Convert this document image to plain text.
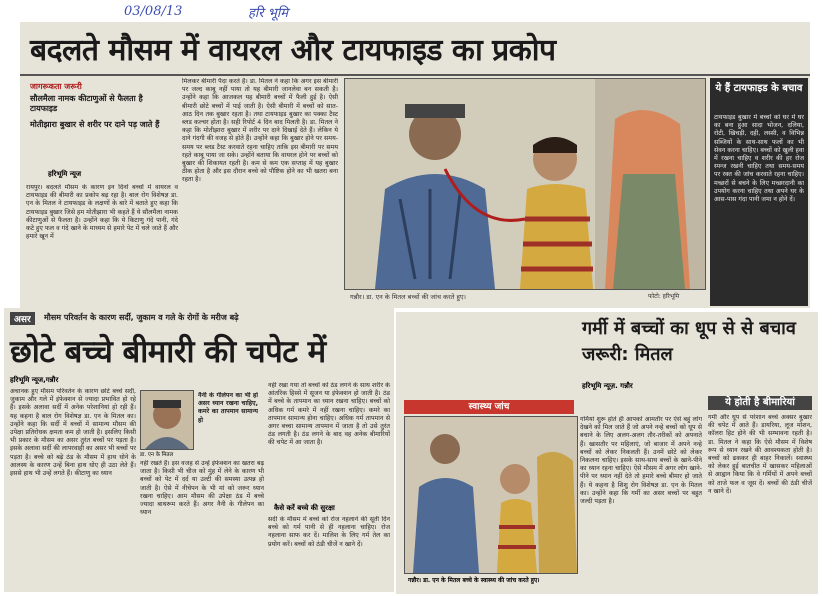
03/08/13	हरि भूमि
बदलते मौसम में वायरल और टायफाइड का प्रकोप
जागरूकता जरूरी
सौलमैला नामक कीटाणुओं से फैलता है टायफाइड
मोतीझारा बुखार से शरीर पर दाने पड़ जाते हैं
हरिभूमि न्यूज
रायपुर। बदलते मौसम के कारण इन दिनों बच्चों में वायरल व टायफाइड की बीमारी का प्रकोप बढ़ रहा है। बाल रोग विशेषज्ञ डा. एन के मितल ने टायफाइड के लक्षणों के बारे में बताते हुए कहा कि टायफाइड बुखार जिसे हम मोतीझारा भी कहते हैं ये सौलमैला नामक कीटाणुओं से फैलता है। उन्होंने कहा कि ये किटाणु गंदे पानी, गंदे कटे हुए फल व गंदे खाने के माध्यम से हमारे पेट में चले जाते हैं और हमारे खून में
मिलकर बीमारी पैदा करते हैं। डा. मितल ने कहा कि अगर इस बीमारी पर जल्द काबू नहीं पाया तो यह बीमारी जानलेवा बन सकती है। उन्होंने कहा कि आजकल यह बीमारी बच्चों में फैली हुई है। ऐसी बीमारी छोटे बच्चों में पाई जाती है। ऐसी बीमारी में बच्चों को सात-आठ दिन तक बुखार रहता है। तथा टायफाइड बुखार का पक्का टैस्ट ब्लड कल्चर होता है। सही रिपोर्ट 4 दिन बाद मिलती है। डा. मितल ने कहा कि मोतीझारा बुखार में शरीर पर दाने दिखाई देते हैं। लेकिन ये दाने गंदगी की वजह से होते हैं। उन्होंने कहा कि बुखार होने पर समय-समय पर ब्लड टैस्ट करवाते रहना चाहिए ताकि इस बीमारी पर समय रहते काबू पाया जा सके। उन्होंने बताया कि वायरल होने पर बच्चों को बुखार की शिकायत रहती है। कम से कम एक सप्ताह में यह बुखार ठीक होता है और इस दौरान बच्चे को पौष्टिक होने का भी खतरा बना रहता है।
गन्नौर। डा. एन के मितल बच्चों की जांच करते हुए।	फोटो: हरिभूमि
ये हैं टायफाइड के बचाव
टायफाइड बुखार में बच्चों को घर में घर का बना हुआ सादा भोजन, दलिया, रोटी, खिचड़ी, दही, लस्सी, व विभिन्न सब्जियों के साथ-साथ फलों का भी सेवन करना चाहिए। बच्चों को खुली हवा में रखना चाहिए व शरीर की हर रोज स्पन्ज रखनी चाहिए तथा समय-समय पर रक्त की जांच करवाते रहना चाहिए। मच्छरों से बचने के लिए मच्छरदानी का उपयोग करना चाहिए तथा अपने घर के आस-पास गंदा पानी जमा न होने दें।
असर	मौसम परिवर्तन के कारण सर्दी, जुकाम व गले के रोगों के मरीज बढ़े
छोटे बच्चे बीमारी की चपेट में
हरिभूमि न्यूज,गन्नौर
अचानक हुए मौसम परिवर्तन के कारण छोटे बच्चे सर्दी, जुकाम और गले में इंफेक्शन से ज्यादा प्रभावित हो रहे हैं। इसके अलावा सर्दी में अनेक परेशानियां हो रही हैं। यह कहना है बाल रोग विशेषज्ञ डा. एन के मितल का। उन्होंने कहा कि सर्दी में बच्चों में सामान्य मौसम की उपेक्षा प्रतिरोधक क्षमता कम हो जाती है। इसलिए किसी भी प्रकार के मौसम का असर तुरंत बच्चों पर पड़ता है। इसके अलावा सर्दी की लापरवाही का असर भी बच्चों पर पड़ता है। बच्चे को बढ़े ठंड के मौसम में हाथ धोने के आलस्य के कारण उन्हें बिना हाथ धोए ही उठा लेते हैं। इससे हाथ भी उन्हें लगते हैं। कीटाणु का ध्यान
डा. एन के मितल
नैनी के गीलेपन का भी हो असर ध्यान रखना चाहिए, कमरे का तापमान सामान्य हो
नहीं रखते हैं। इस वजह से उन्हें इंफेक्शन का खतरा बढ़ जाता है। किसी भी चीज को मुंह में लेने के कारण भी बच्चों को पेट में दर्द या उल्टी की समस्या उत्पन्न हो जाती है। ऐसे में नीचेपन के भी मां को जरूर ध्यान रखना चाहिए। आम मौसम की उपेक्षा ठंड में बच्चे ज्यादा बाथरूम करते हैं। अगर नैनी के गीलेपन का ध्यान
नहीं रखा गया तो बच्चों को ठंड लगने के साथ शरीर के आंतरिक हिस्से में सूजन या इंफेक्शन हो जाती है। ठंड में बच्चे के तापमान का ध्यान रखना चाहिए। बच्चों को अधिक गर्म कमरे में नहीं रखना चाहिए। कमरे का तापमान सामान्य होना चाहिए। अधिक गर्म तापमान से अगर बच्चा सामान्य तापमान में जाता है तो उसे तुरंत ठंड लगती है। ठंड लगने के बाद वह अनेक बीमारियों की चपेट में आ जाता है।
कैसे करें बच्चे की सुरक्षा
सर्दी के मौसम में बच्चे को रोज नहलाने की सूती दिन बच्चे को गर्म पानी से ही नहलाना चाहिए। रोज नहलाना साफ कर दें। मालिश के लिए गर्म तेल का प्रयोग करें। बच्चों को ठंडी चीजें न खाने दें।
स्वास्थ्य जांच
गन्नौर। डा. एन के मितल बच्चे के स्वास्थ्य की जांच करते हुए।
गर्मी में बच्चों का धूप से से बचाव जरूरी: मितल
हरिभूमि न्यूज़. गन्नौर
ये होती है बीमारियां
गर्मियां शुरू होते ही आपको आमतौर पर ऐसे बहुं लोग देखने को मिल जाते हैं जो अपने नन्हे बच्चों को धूप से बचाने के लिए अलग-अलग तौर-तरीकों को अपनाते हैं। खासतौर पर महिलाएं, जो बाजार में अपने नन्हे बच्चों को लेकर निकलती हैं। उनमें छोटे को लेकर निकलना चाहिए। इसके साथ-साथ बच्चों के खाने-पीने का ध्यान रहना चाहिए। ऐसे मौसम में अगर लोग खाने-पीने पर ध्यान नहीं देते तो हमारे बच्चे बीमार हो जाते हैं। ये कहना है शिशु रोग विशेषज्ञ डा. एन के मितल का। उन्होंने कहा कि गर्मी का असर बच्चों पर बहुत जल्दी पड़ता है।
गर्मी और धूप से परेशान बच्चे अक्सर बुखार की चपेट में आते हैं। डायरिया, लूज मोशन, कॉलरा हिट होने की भी सम्भावना रहती है। डा. मितल ने कहा कि ऐसे मौसम में विशेष रूप से ध्यान रखने की आवश्यकता होती है। बच्चों को ढककर ही बाहर निकालें। स्वास्थ्य को लेकर हुई बातचीत में खासकर महिलाओं से आह्वान किया कि वे गर्मियों में अपने बच्चों को ताजे फल व जूस दें। बच्चों की ठंडी चीजें न खाने दें।
